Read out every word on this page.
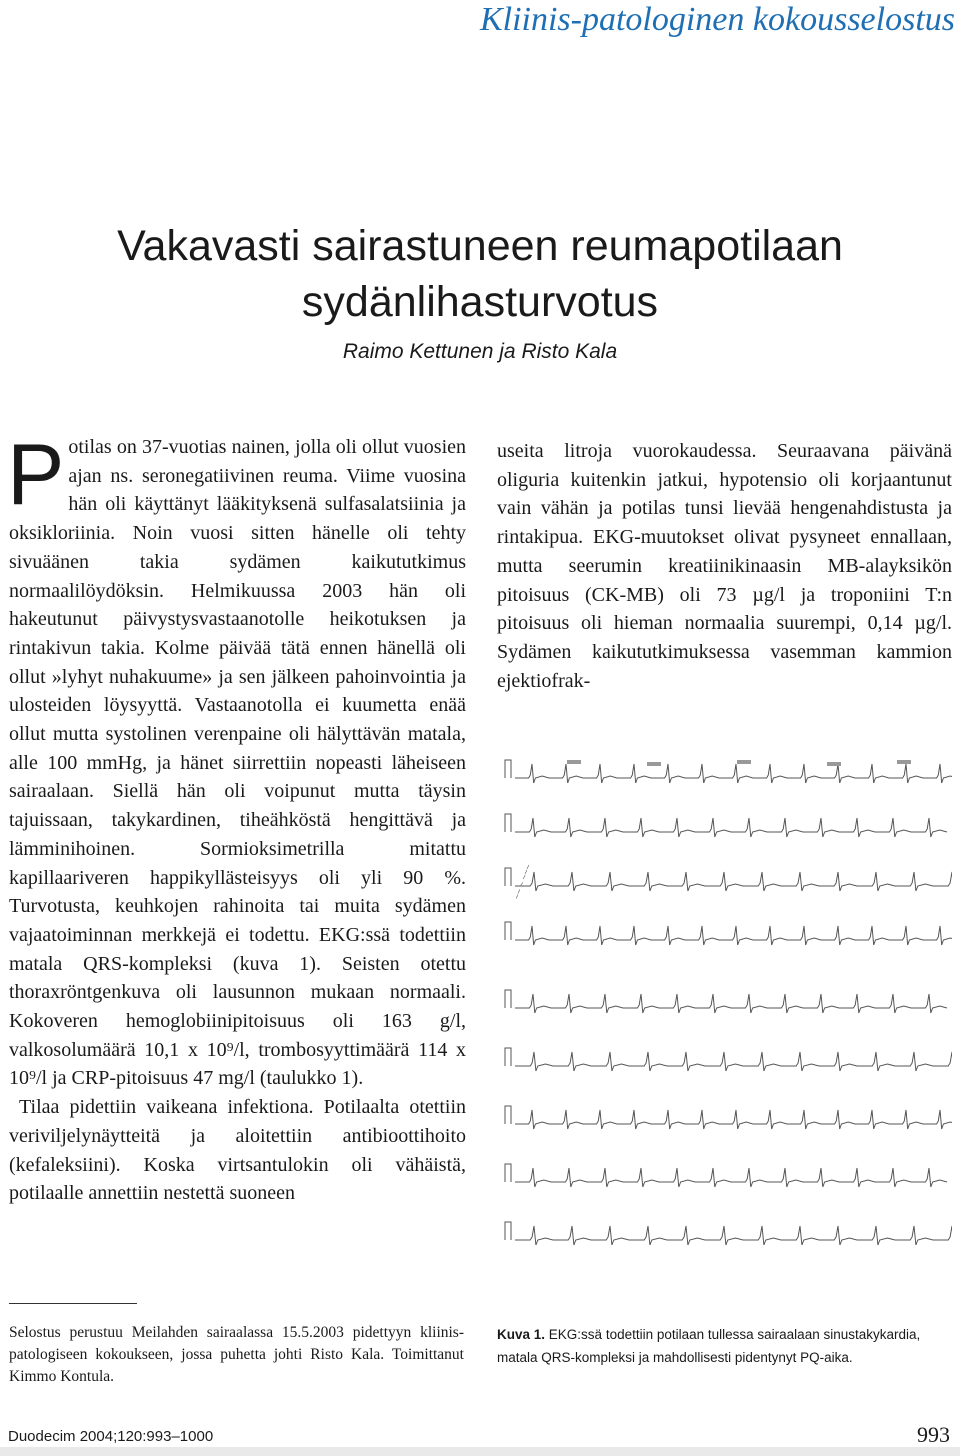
Kliinis-patologinen kokousselostus
Vakavasti sairastuneen reumapotilaan
sydänlihasturvotus
Raimo Kettunen ja Risto Kala

Potilas on 37-vuotias nainen, jolla oli ollut vuosien ajan ns. seronegatiivinen reuma. Viime vuosina hän oli käyttänyt lääkityksenä sulfasalatsiinia ja oksikloriinia. Noin vuosi sitten hänelle oli tehty sivuäänen takia sydämen kaikututkimus normaalilöydöksin. Helmikuussa 2003 hän oli hakeutunut päivystysvastaanotolle heikotuksen ja rintakivun takia. Kolme päivää tätä ennen hänellä oli ollut »lyhyt nuhakuume» ja sen jälkeen pahoinvointia ja ulosteiden löysyyttä. Vastaanotolla ei kuumetta enää ollut mutta systolinen verenpaine oli hälyttävän matala, alle 100 mmHg, ja hänet siirrettiin nopeasti läheiseen sairaalaan. Siellä hän oli voipunut mutta täysin tajuissaan, takykardinen, tiheähköstä hengittävä ja lämminihoinen. Sormioksimetrilla mitattu kapillaariveren happikyllästeisyys oli yli 90 %. Turvotusta, keuhkojen rahinoita tai muita sydämen vajaatoiminnan merkkejä ei todettu. EKG:ssä todettiin matala QRS-kompleksi (kuva 1). Seisten otettu thoraxröntgenkuva oli lausunnon mukaan normaali. Kokoveren hemoglobiinipitoisuus oli 163 g/l, valkosolumäärä 10,1 x 10⁹/l, trombosyyttimäärä 114 x 10⁹/l ja CRP-pitoisuus 47 mg/l (taulukko 1).

Tilaa pidettiin vaikeana infektiona. Potilaalta otettiin veriviljelynäytteitä ja aloitettiin antibioottihoito (kefaleksiini). Koska virtsantulokin oli vähäistä, potilaalle annettiin nestettä suoneen

useita litroja vuorokaudessa. Seuraavana päivänä oliguria kuitenkin jatkui, hypotensio oli korjaantunut vain vähän ja potilas tunsi lievää hengenahdistusta ja rintakipua. EKG-muutokset olivat pysyneet ennallaan, mutta seerumin kreatiinikinaasin MB-alayksikön pitoisuus (CK-MB) oli 73 µg/l ja troponiini T:n pitoisuus oli hieman normaalia suurempi, 0,14 µg/l. Sydämen kaikututkimuksessa vasemman kammion ejektiofrak-

~~ ~ ~~~
Selostus perustuu Meilahden sairaalassa 15.5.2003 pidettyyn kliinis-patologiseen kokoukseen, jossa puhetta johti Risto Kala. Toimittanut Kimmo Kontula.
Kuva 1. EKG:ssä todettiin potilaan tullessa sairaalaan sinustakykardia, matala QRS-kompleksi ja mahdollisesti pidentynyt PQ-aika.
Duodecim 2004;120:993–1000	993
